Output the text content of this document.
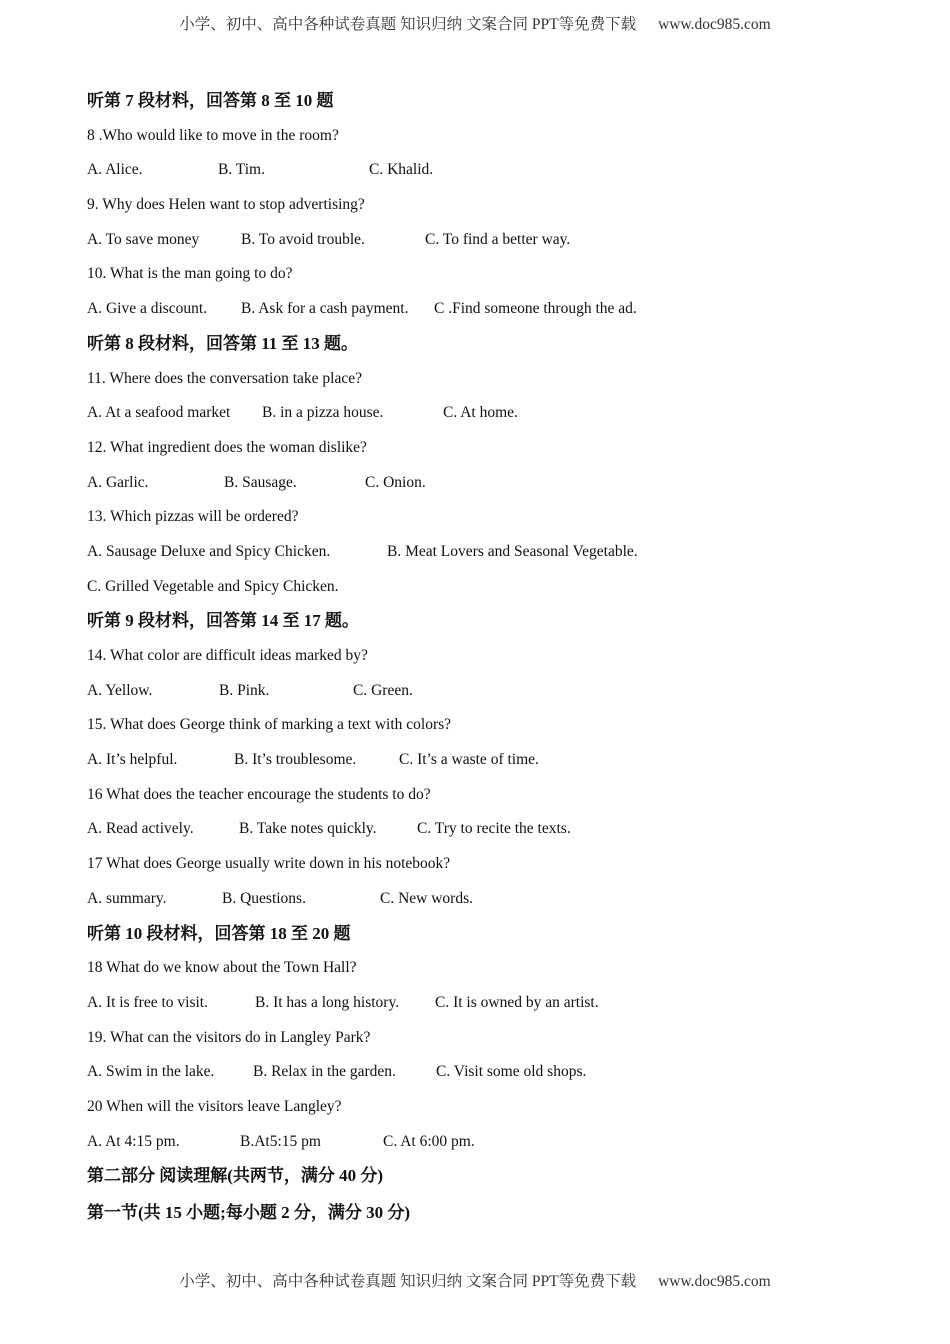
小学、初中、高中各种试卷真题 知识归纳 文案合同 PPT等免费下载 www.doc985.com
听第 7 段材料，回答第 8 至 10 题
8 .Who would like to move in the room?
A. Alice.	B. Tim.	C. Khalid.
9. Why does Helen want to stop advertising?
A. To save money	B. To avoid trouble.	C. To find a better way.
10. What is the man going to do?
A. Give a discount. B. Ask for a cash payment. C .Find someone through the ad.
听第 8 段材料，回答第 11 至 13 题。
11. Where does the conversation take place?
A. At a seafood market B. in a pizza house.	C. At home.
12. What ingredient does the woman dislike?
A. Garlic.	B. Sausage.	C. Onion.
13. Which pizzas will be ordered?
A. Sausage Deluxe and Spicy Chicken.	B. Meat Lovers and Seasonal Vegetable.
C. Grilled Vegetable and Spicy Chicken.
听第 9 段材料，回答第 14 至 17 题。
14. What color are difficult ideas marked by?
A. Yellow.	B. Pink.	C. Green.
15. What does George think of marking a text with colors?
A. It’s helpful.	B. It’s troublesome.	C. It’s a waste of time.
16 What does the teacher encourage the students to do?
A. Read actively.	B. Take notes quickly.	C. Try to recite the texts.
17 What does George usually write down in his notebook?
A. summary.	B. Questions.	C. New words.
听第 10 段材料，回答第 18 至 20 题
18 What do we know about the Town Hall?
A. It is free to visit.	B. It has a long history. C. It is owned by an artist.
19. What can the visitors do in Langley Park?
A. Swim in the lake. B. Relax in the garden.	C. Visit some old shops.
20 When will the visitors leave Langley?
A. At 4:15 pm.	B.At5:15 pm	C. At 6:00 pm.
第二部分 阅读理解(共两节，满分 40 分)
第一节(共 15 小题;每小题 2 分，满分 30 分)
小学、初中、高中各种试卷真题 知识归纳 文案合同 PPT等免费下载 www.doc985.com
